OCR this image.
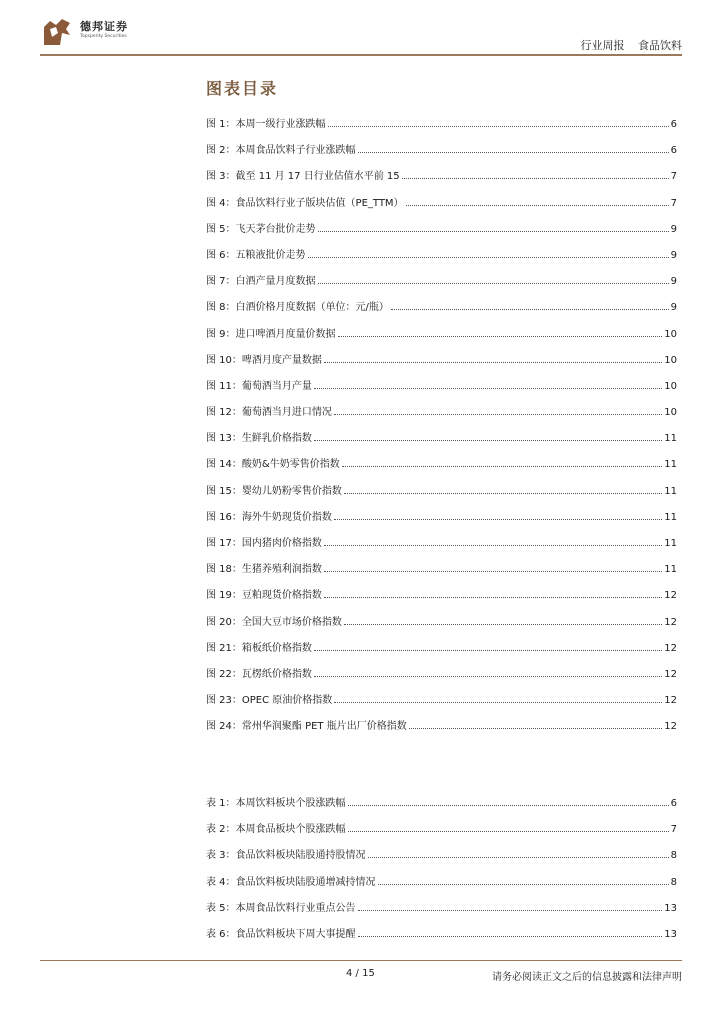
德邦证券
Topsperity Securities
行业周报 食品饮料
图表目录
图 1：本周一级行业涨跌幅	6
图 2：本周食品饮料子行业涨跌幅	6
图 3：截至 11 月 17 日行业估值水平前 15	7
图 4：食品饮料行业子版块估值（PE_TTM）	7
图 5：飞天茅台批价走势	9
图 6：五粮液批价走势	9
图 7：白酒产量月度数据	9
图 8：白酒价格月度数据（单位：元/瓶）	9
图 9：进口啤酒月度量价数据	10
图 10：啤酒月度产量数据	10
图 11：葡萄酒当月产量	10
图 12：葡萄酒当月进口情况	10
图 13：生鲜乳价格指数	11
图 14：酸奶&牛奶零售价指数	11
图 15：婴幼儿奶粉零售价指数	11
图 16：海外牛奶现货价指数	11
图 17：国内猪肉价格指数	11
图 18：生猪养殖利润指数	11
图 19：豆粕现货价格指数	12
图 20：全国大豆市场价格指数	12
图 21：箱板纸价格指数	12
图 22：瓦楞纸价格指数	12
图 23：OPEC 原油价格指数	12
图 24：常州华润聚酯 PET 瓶片出厂价格指数	12
表 1：本周饮料板块个股涨跌幅	6
表 2：本周食品板块个股涨跌幅	7
表 3：食品饮料板块陆股通持股情况	8
表 4：食品饮料板块陆股通增减持情况	8
表 5：本周食品饮料行业重点公告	13
表 6：食品饮料板块下周大事提醒	13
4 / 15	请务必阅读正文之后的信息披露和法律声明
